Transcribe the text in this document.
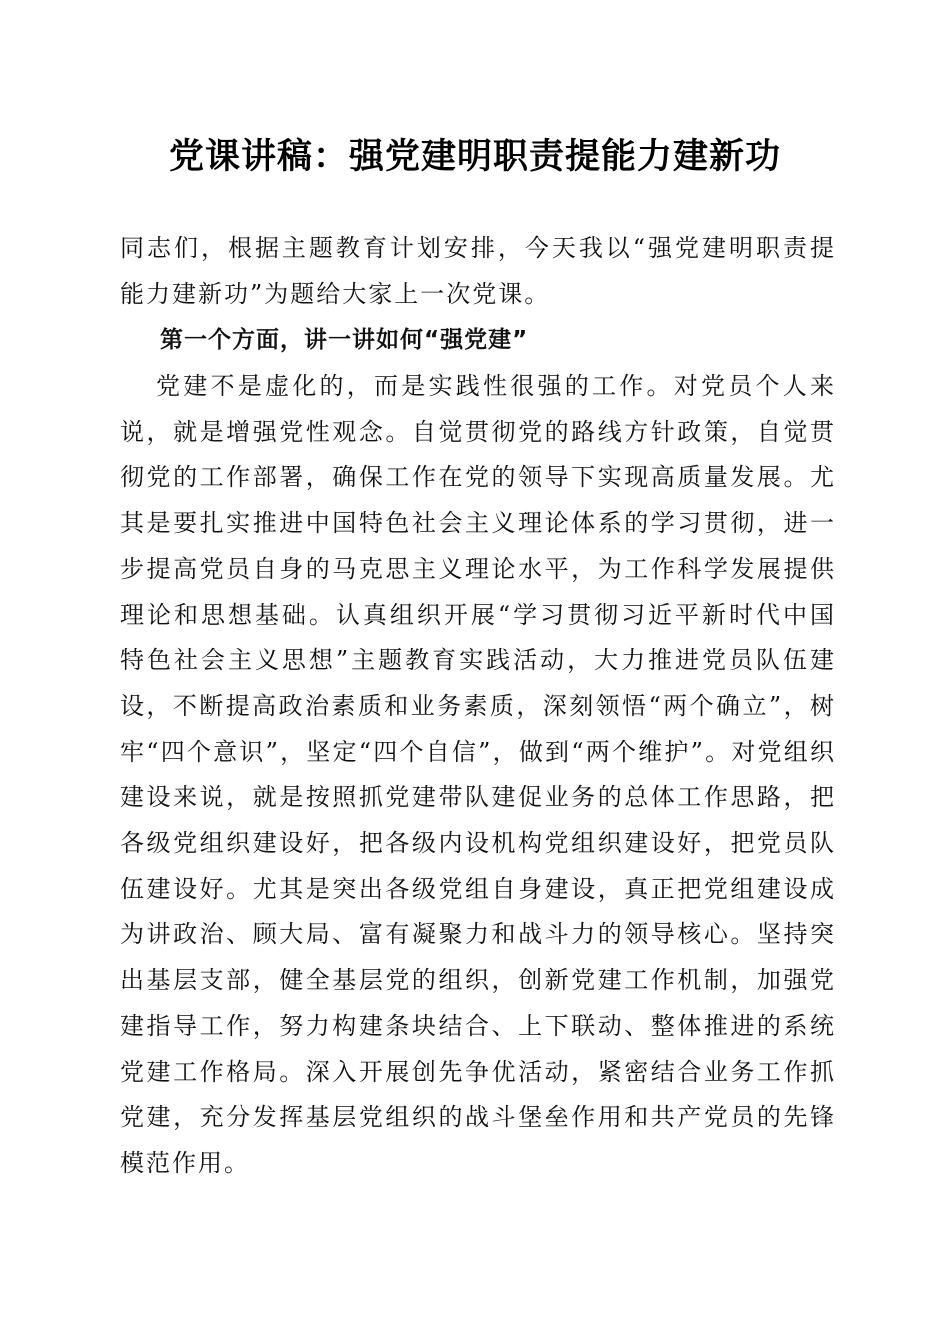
党课讲稿：强党建明职责提能力建新功

同志们，根据主题教育计划安排，今天我以“强党建明职责提能力建新功”为题给大家上一次党课。

第一个方面，讲一讲如何“强党建”

党建不是虚化的，而是实践性很强的工作。对党员个人来说，就是增强党性观念。自觉贯彻党的路线方针政策，自觉贯彻党的工作部署，确保工作在党的领导下实现高质量发展。尤其是要扎实推进中国特色社会主义理论体系的学习贯彻，进一步提高党员自身的马克思主义理论水平，为工作科学发展提供理论和思想基础。认真组织开展“学习贯彻习近平新时代中国特色社会主义思想”主题教育实践活动，大力推进党员队伍建设，不断提高政治素质和业务素质，深刻领悟“两个确立”，树牢“四个意识”，坚定“四个自信”，做到“两个维护”。对党组织建设来说，就是按照抓党建带队建促业务的总体工作思路，把各级党组织建设好，把各级内设机构党组织建设好，把党员队伍建设好。尤其是突出各级党组自身建设，真正把党组建设成为讲政治、顾大局、富有凝聚力和战斗力的领导核心。坚持突出基层支部，健全基层党的组织，创新党建工作机制，加强党建指导工作，努力构建条块结合、上下联动、整体推进的系统党建工作格局。深入开展创先争优活动，紧密结合业务工作抓党建，充分发挥基层党组织的战斗堡垒作用和共产党员的先锋模范作用。
